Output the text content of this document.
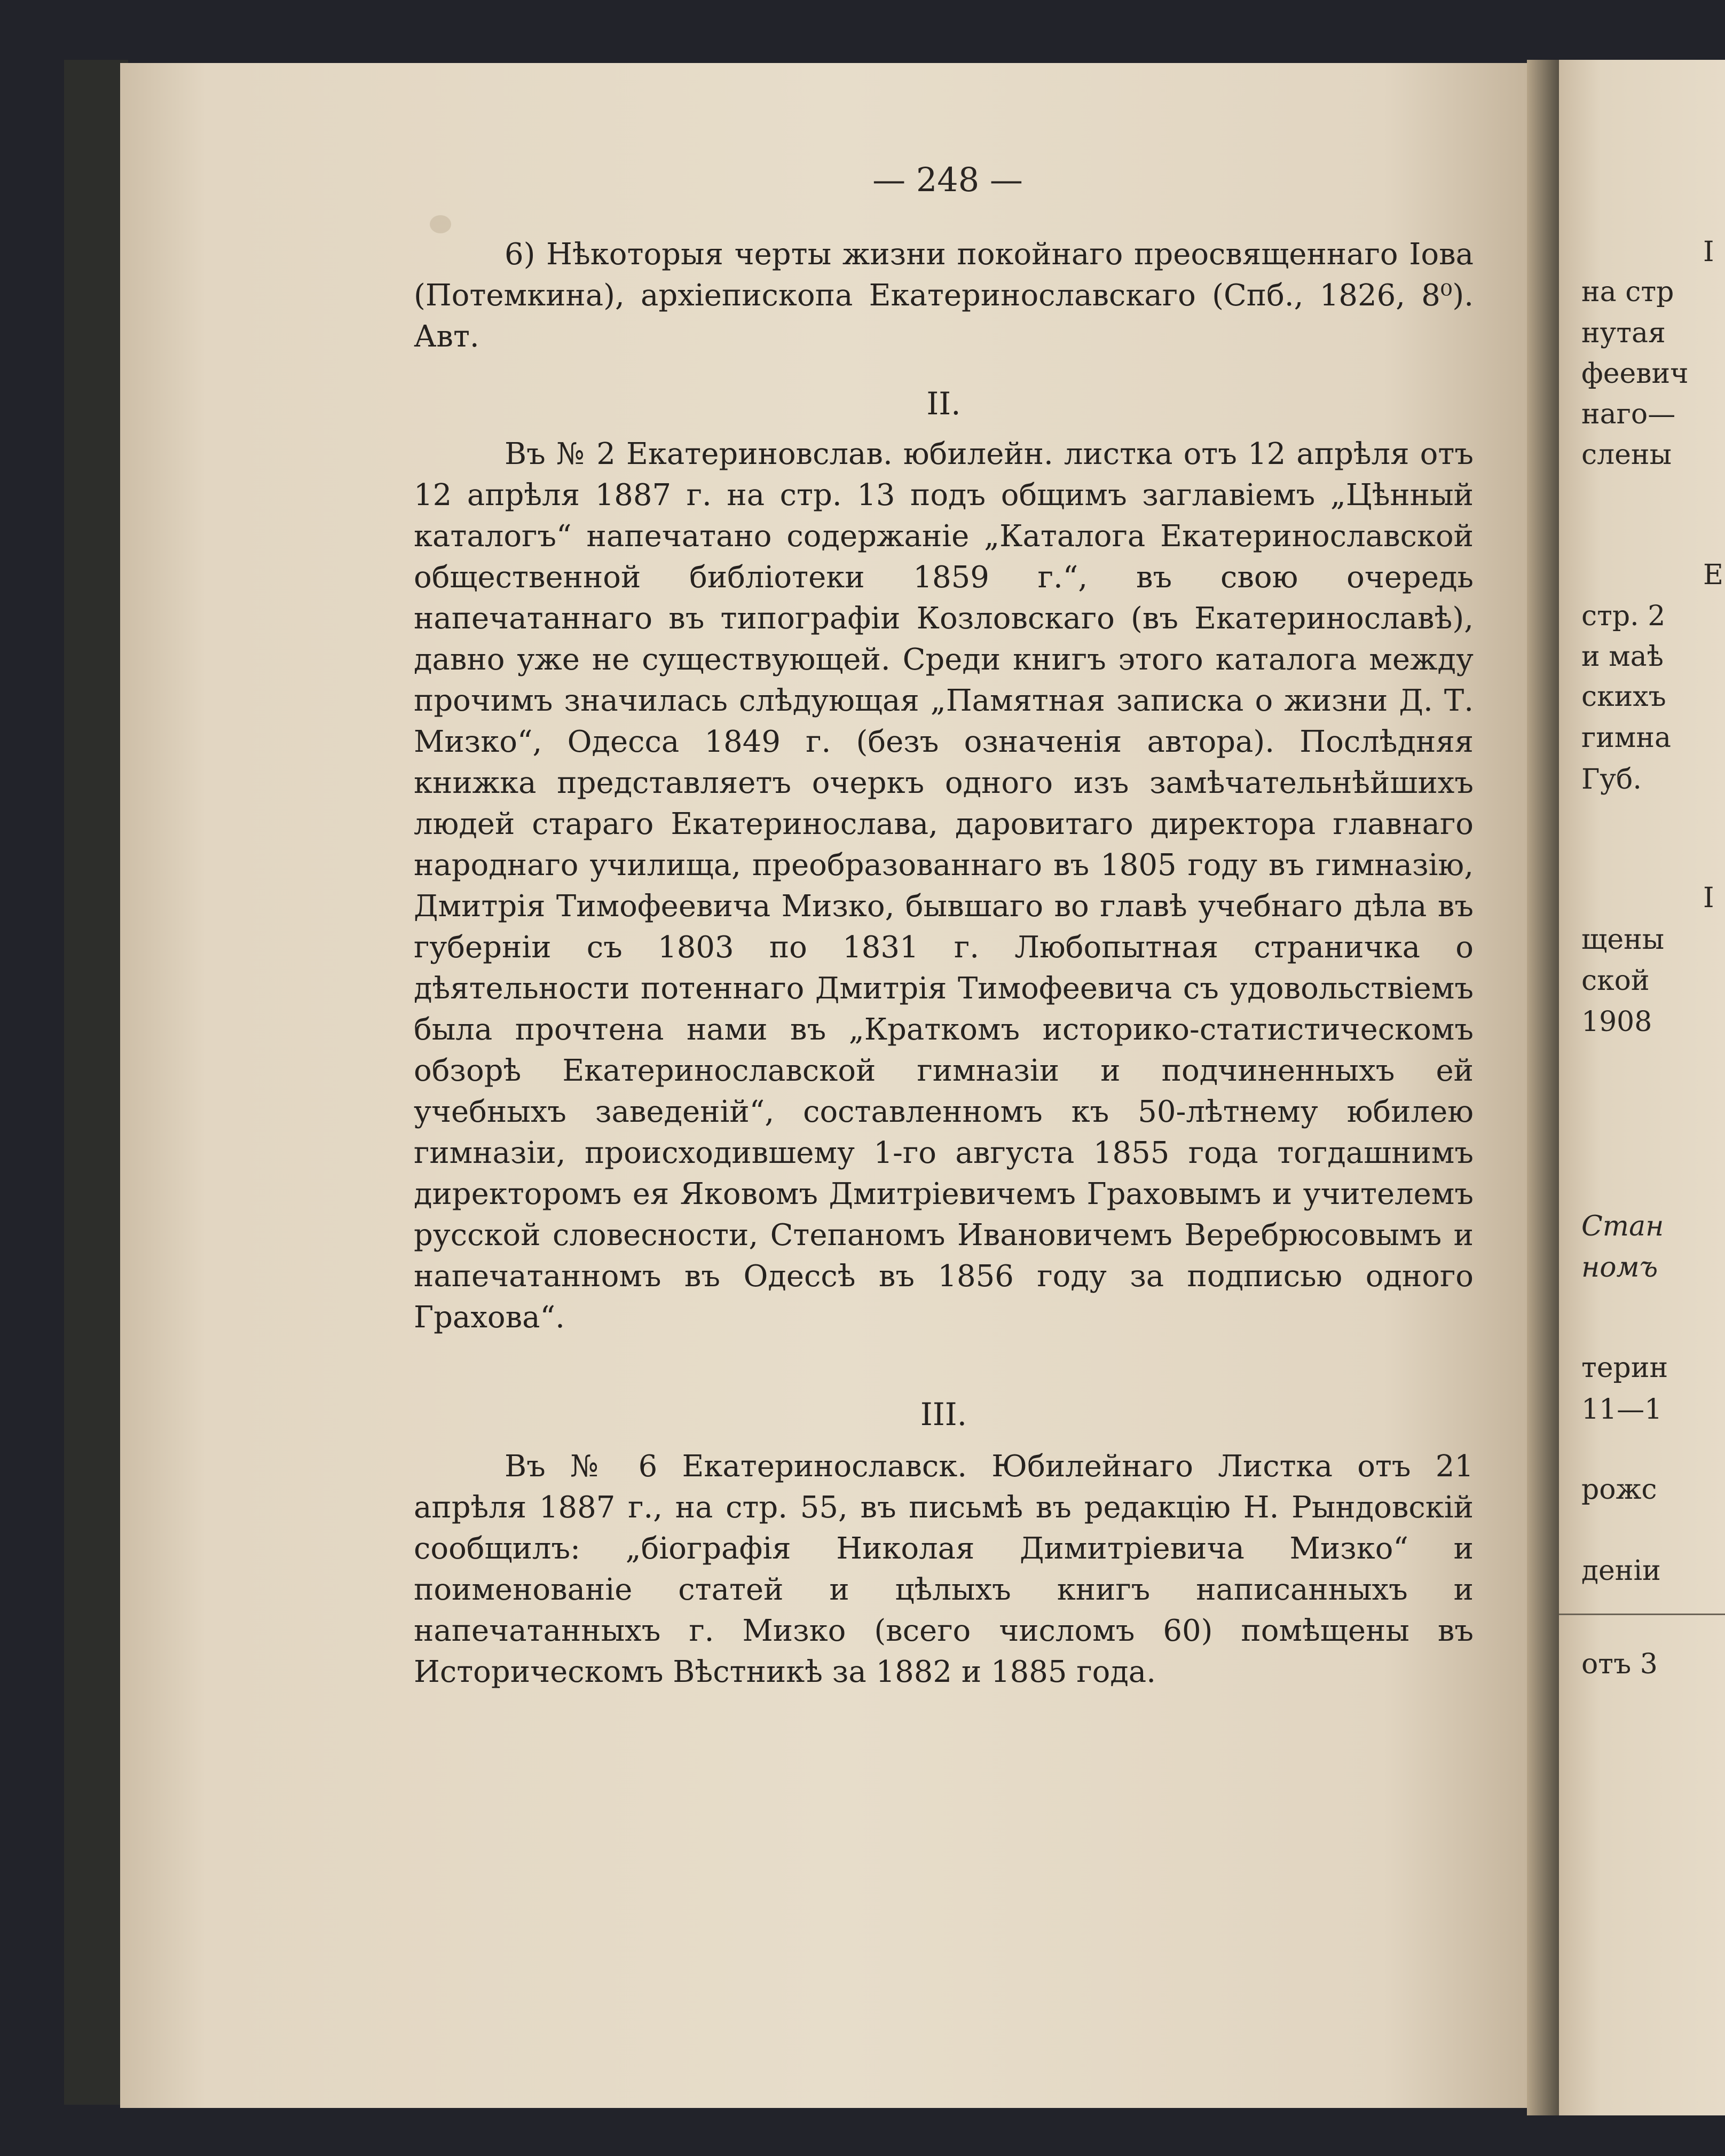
— 248 —

6) Нѣкоторыя черты жизни покойнаго преосвященнаго Іова (Потемкина), архіепископа Екатеринославскаго (Спб., 1826, 8⁰). Авт.

II.

Въ № 2 Екатериновслав. юбилейн. листка отъ 12 апрѣля отъ 12 апрѣля 1887 г. на стр. 13 подъ общимъ заглавіемъ „Цѣнный каталогъ“ напечатано содержаніе „Каталога Екатеринославской общественной библіотеки 1859 г.“, въ свою очередь напечатаннаго въ типографіи Козловскаго (въ Екатеринославѣ), давно уже не существующей. Среди книгъ этого каталога между прочимъ значилась слѣдующая „Памятная записка о жизни Д. Т. Мизко“, Одесса 1849 г. (безъ означенія автора). Послѣдняя книжка представляетъ очеркъ одного изъ замѣчательнѣйшихъ людей стараго Екатеринослава, даровитаго директора главнаго народнаго училища, преобразованнаго въ 1805 году въ гимназію, Дмитрія Тимофеевича Мизко, бывшаго во главѣ учебнаго дѣла въ губерніи съ 1803 по 1831 г. Любопытная страничка о дѣятельности потеннаго Дмитрія Тимофеевича съ удовольствіемъ была прочтена нами въ „Краткомъ историко-статистическомъ обзорѣ Екатеринославской гимназіи и подчиненныхъ ей учебныхъ заведеній“, составленномъ къ 50-лѣтнему юбилею гимназіи, происходившему 1-го августа 1855 года тогдашнимъ директоромъ ея Яковомъ Дмитріевичемъ Граховымъ и учителемъ русской словесности, Степаномъ Ивановичемъ Веребрюсовымъ и напечатанномъ въ Одессѣ въ 1856 году за подписью одного Грахова“.

III.

Въ № 6 Екатеринославск. Юбилейнаго Листка отъ 21 апрѣля 1887 г., на стр. 55, въ письмѣ въ редакцію Н. Рындовскій сообщилъ: „біографія Николая Димитріевича Мизко“ и поименованіе статей и цѣлыхъ книгъ написанныхъ и напечатанныхъ г. Мизко (всего числомъ 60) помѣщены въ Историческомъ Вѣстникѣ за 1882 и 1885 года.

І
на стр
нутая
феевич
наго—
слены
Е
стр. 2
и маѣ
скихъ
гимна
Губ.
І
щены
ской
1908
Стан
номъ
терин
11—1
рожс
деніи
отъ 3
